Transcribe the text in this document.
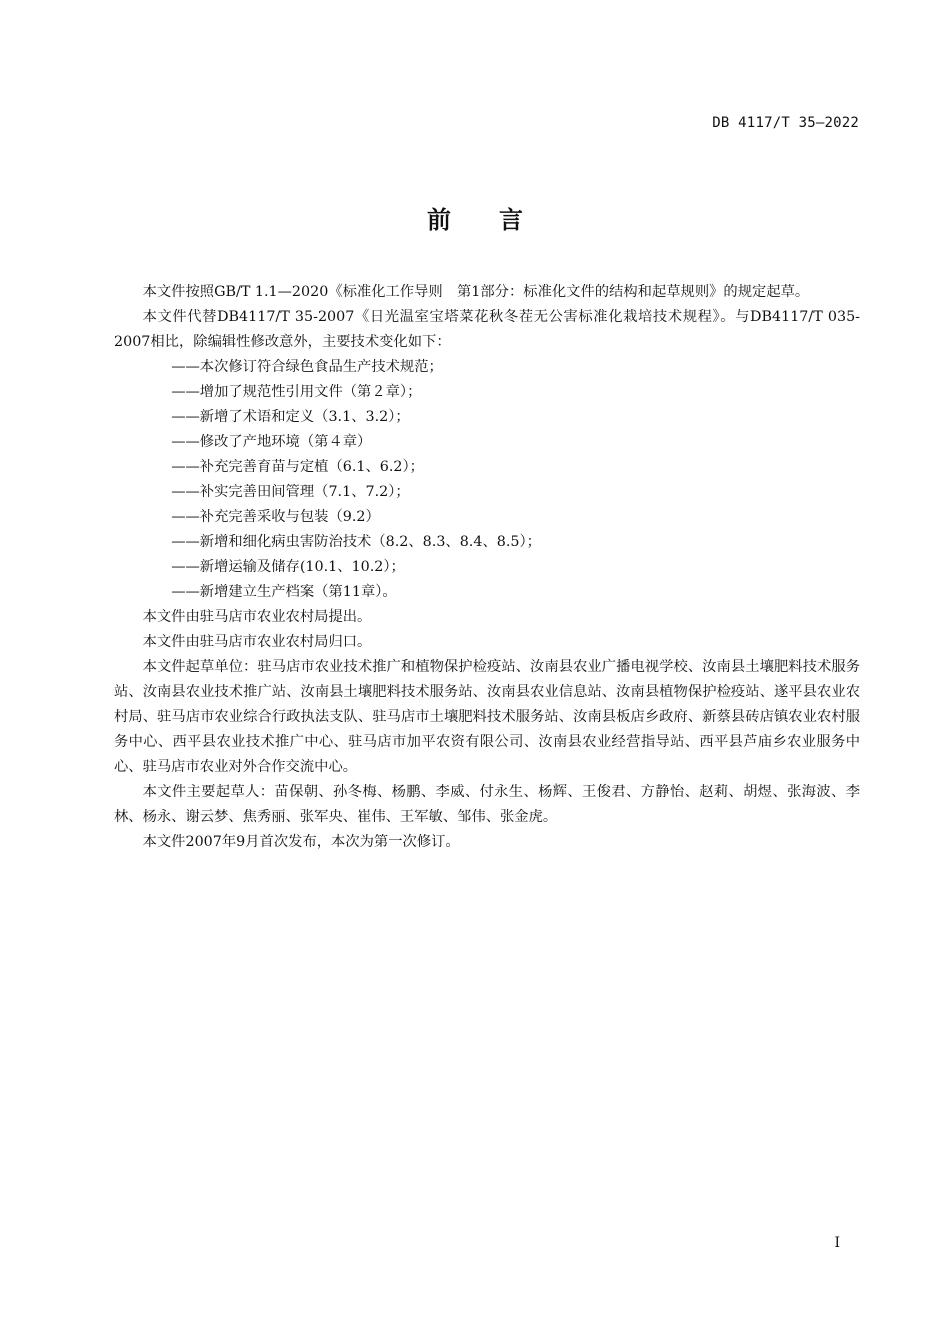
DB 4117/T 35—2022
前 言

本文件按照GB/T 1.1—2020《标准化工作导则　第1部分：标准化文件的结构和起草规则》的规定起草。

本文件代替DB4117/T 35-2007《日光温室宝塔菜花秋冬茬无公害标准化栽培技术规程》。与DB4117/T 035-2007相比，除编辑性修改意外，主要技术变化如下：

——本次修订符合绿色食品生产技术规范；

——增加了规范性引用文件（第２章）；

——新增了术语和定义（3.1、3.2）；

——修改了产地环境（第４章）

——补充完善育苗与定植（6.1、6.2）；

——补实完善田间管理（7.1、7.2）；

——补充完善采收与包装（9.2）

——新增和细化病虫害防治技术（8.2、8.3、8.4、8.5）；

——新增运输及储存(10.1、10.2）；

——新增建立生产档案（第11章）。

本文件由驻马店市农业农村局提出。

本文件由驻马店市农业农村局归口。

本文件起草单位：驻马店市农业技术推广和植物保护检疫站、汝南县农业广播电视学校、汝南县土壤肥料技术服务站、汝南县农业技术推广站、汝南县土壤肥料技术服务站、汝南县农业信息站、汝南县植物保护检疫站、遂平县农业农村局、驻马店市农业综合行政执法支队、驻马店市土壤肥料技术服务站、汝南县板店乡政府、新蔡县砖店镇农业农村服务中心、西平县农业技术推广中心、驻马店市加平农资有限公司、汝南县农业经营指导站、西平县芦庙乡农业服务中心、驻马店市农业对外合作交流中心。

本文件主要起草人：苗保朝、孙冬梅、杨鹏、李威、付永生、杨辉、王俊君、方静怡、赵莉、胡煜、张海波、李林、杨永、谢云梦、焦秀丽、张军央、崔伟、王军敏、邹伟、张金虎。

本文件2007年9月首次发布，本次为第一次修订。

I
